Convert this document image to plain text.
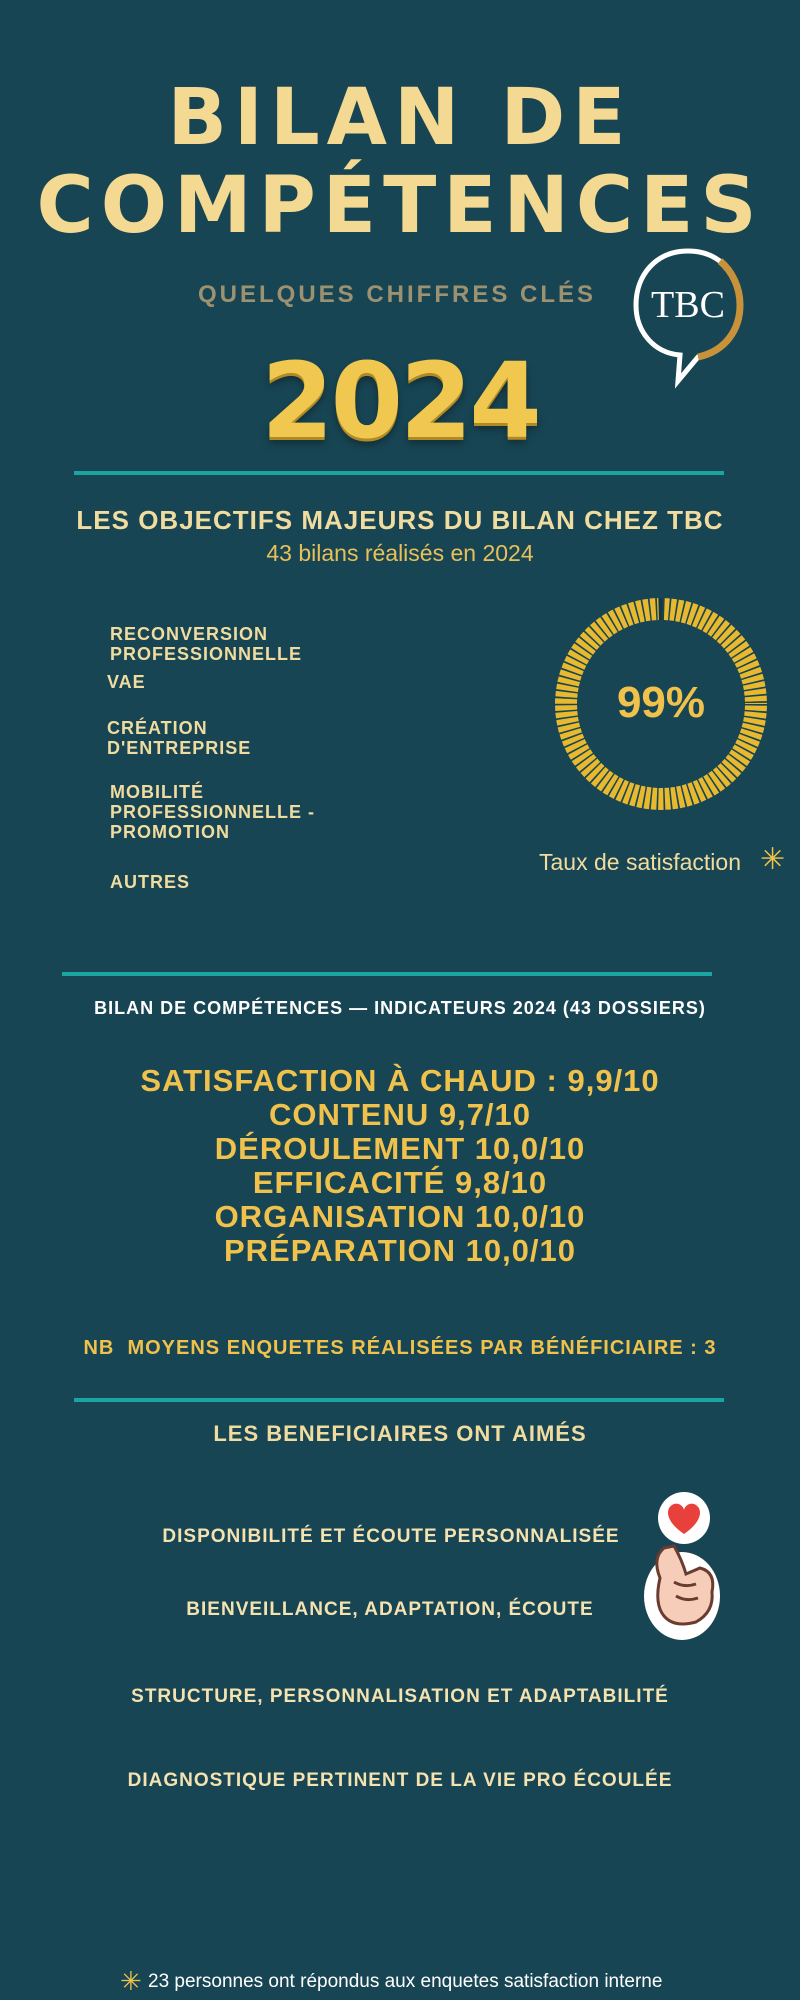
BILAN DE
COMPÉTENCES
QUELQUES CHIFFRES CLÉS TBC
2024
LES OBJECTIFS MAJEURS DU BILAN CHEZ TBC
43 bilans réalisés en 2024
RECONVERSION
PROFESSIONNELLE
VAE
CRÉATION
D'ENTREPRISE
MOBILITÉ
PROFESSIONNELLE -
PROMOTION
AUTRES
99%
Taux de satisfaction ✳
BILAN DE COMPÉTENCES — INDICATEURS 2024 (43 DOSSIERS)
SATISFACTION À CHAUD : 9,9/10
CONTENU 9,7/10
DÉROULEMENT 10,0/10
EFFICACITÉ 9,8/10
ORGANISATION 10,0/10
PRÉPARATION 10,0/10
NB  MOYENS ENQUETES RÉALISÉES PAR BÉNÉFICIAIRE : 3
LES BENEFICIAIRES ONT AIMÉS
DISPONIBILITÉ ET ÉCOUTE PERSONNALISÉE
BIENVEILLANCE, ADAPTATION, ÉCOUTE
STRUCTURE, PERSONNALISATION ET ADAPTABILITÉ
DIAGNOSTIQUE PERTINENT DE LA VIE PRO ÉCOULÉE
✳ 23 personnes ont répondus aux enquetes satisfaction interne
